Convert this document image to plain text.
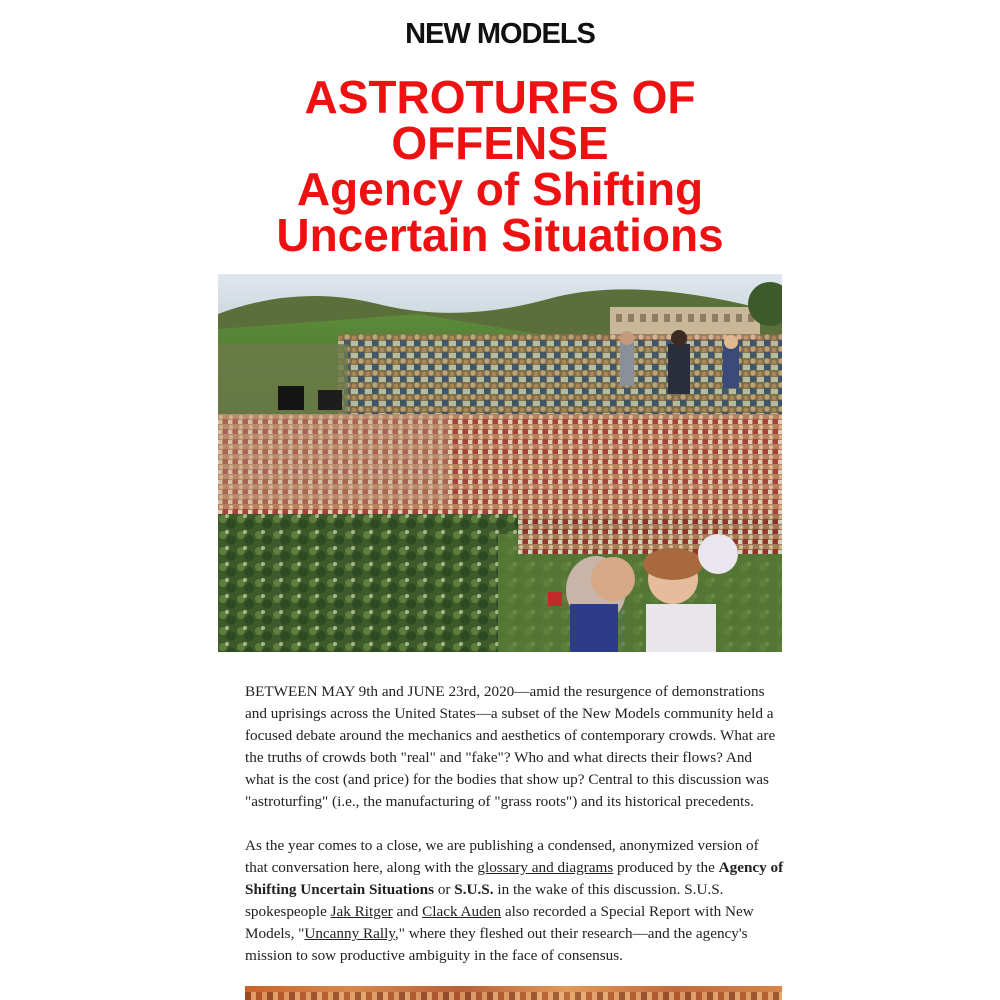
NEW MODELS
ASTROTURFS OF
OFFENSE
Agency of Shifting
Uncertain Situations

BETWEEN MAY 9th and JUNE 23rd, 2020—amid the resurgence of demonstrations and uprisings across the United States—a subset of the New Models community held a focused debate around the mechanics and aesthetics of contemporary crowds. What are the truths of crowds both "real" and "fake"? Who and what directs their flows? And what is the cost (and price) for the bodies that show up? Central to this discussion was "astroturfing" (i.e., the manufacturing of "grass roots") and its historical precedents.

As the year comes to a close, we are publishing a condensed, anonymized version of that conversation here, along with the glossary and diagrams produced by the Agency of Shifting Uncertain Situations or S.U.S. in the wake of this discussion. S.U.S. spokespeople Jak Ritger and Clack Auden also recorded a Special Report with New Models, "Uncanny Rally," where they fleshed out their research—and the agency's mission to sow productive ambiguity in the face of consensus.
